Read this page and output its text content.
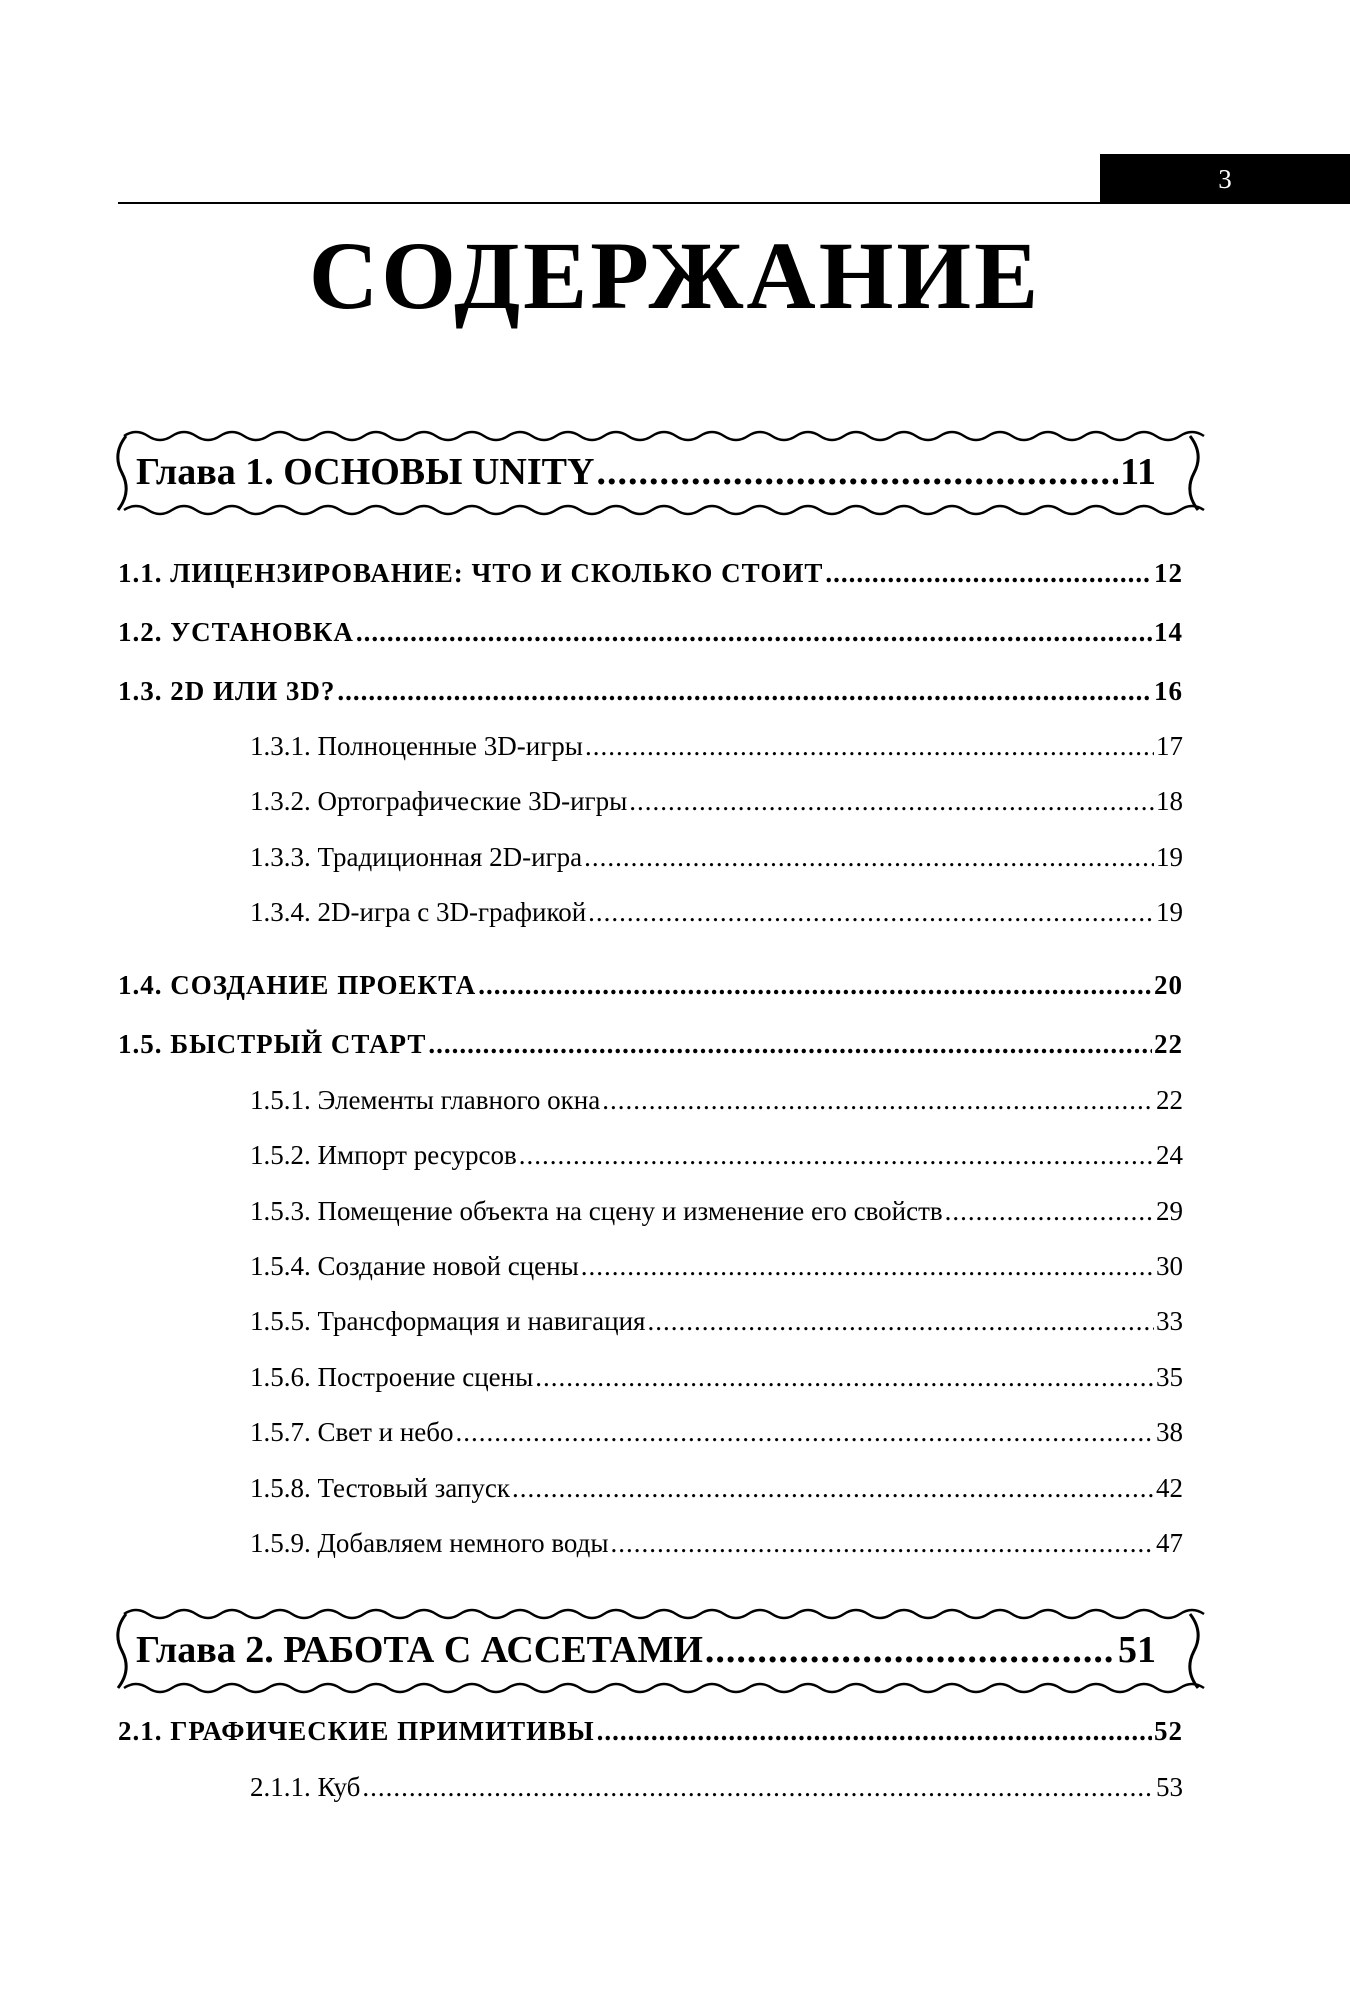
3
СОДЕРЖАНИЕ
Глава 1. ОСНОВЫ UNITY .....	11
1.1. ЛИЦЕНЗИРОВАНИЕ: ЧТО И СКОЛЬКО СТОИТ .....	12
1.2. УСТАНОВКА .....	14
1.3. 2D ИЛИ 3D? .....	16
1.3.1. Полноценные 3D-игры .....	17
1.3.2. Ортографические 3D-игры .....	18
1.3.3. Традиционная 2D-игра .....	19
1.3.4. 2D-игра с 3D-графикой .....	19
1.4. СОЗДАНИЕ ПРОЕКТА .....	20
1.5. БЫСТРЫЙ СТАРТ .....	22
1.5.1. Элементы главного окна .....	22
1.5.2. Импорт ресурсов .....	24
1.5.3. Помещение объекта на сцену и изменение его свойств .....	29
1.5.4. Создание новой сцены .....	30
1.5.5. Трансформация и навигация .....	33
1.5.6. Построение сцены .....	35
1.5.7. Свет и небо .....	38
1.5.8. Тестовый запуск .....	42
1.5.9. Добавляем немного воды .....	47
Глава 2. РАБОТА С АССЕТАМИ .....	51
2.1. ГРАФИЧЕСКИЕ ПРИМИТИВЫ .....	52
2.1.1. Куб .....	53
